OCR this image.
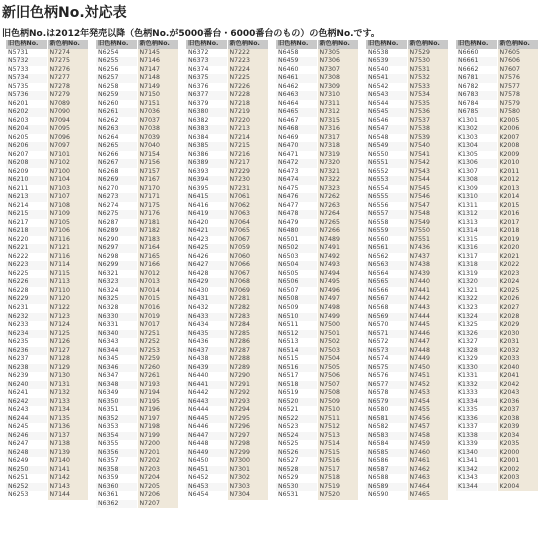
新旧色柄No.対応表
旧色柄No.は2012年発売以降（色柄No.が5000番台・6000番台のもの）の色柄No.です。
旧色柄No.	新色柄No.
N5731	N7274
N5732	N7275
N5733	N7276
N5734	N7277
N5735	N7278
N5736	N7279
N6201	N7089
N6202	N7090
N6203	N7094
N6204	N7095
N6205	N7096
N6206	N7097
N6207	N7101
N6208	N7102
N6209	N7100
N6210	N7104
N6211	N7103
N6213	N7107
N6214	N7108
N6215	N7109
N6217	N7105
N6218	N7106
N6220	N7116
N6221	N7121
N6222	N7116
N6223	N7114
N6225	N7115
N6226	N7113
N6228	N7110
N6229	N7120
N6231	N7122
N6232	N7123
N6233	N7124
N6234	N7125
N6235	N7126
N6236	N7127
N6237	N7128
N6238	N7129
N6239	N7130
N6240	N7131
N6241	N7132
N6242	N7133
N6243	N7134
N6244	N7135
N6245	N7136
N6246	N7137
N6247	N7138
N6248	N7139
N6249	N7140
N6250	N7141
N6251	N7142
N6252	N7143
N6253	N7144
旧色柄No.	新色柄No.
N6254	N7145
N6255	N7146
N6256	N7147
N6257	N7148
N6258	N7149
N6259	N7150
N6260	N7151
N6261	N7036
N6262	N7037
N6263	N7038
N6264	N7039
N6265	N7040
N6266	N7154
N6267	N7156
N6268	N7157
N6269	N7167
N6270	N7170
N6273	N7171
N6274	N7175
N6275	N7176
N6287	N7181
N6289	N7182
N6290	N7183
N6297	N7164
N6298	N7165
N6299	N7166
N6321	N7012
N6323	N7013
N6324	N7014
N6325	N7015
N6328	N7016
N6330	N7019
N6331	N7017
N6340	N7251
N6343	N7252
N6344	N7253
N6345	N7259
N6346	N7260
N6347	N7261
N6348	N7193
N6349	N7194
N6350	N7195
N6351	N7196
N6352	N7197
N6353	N7198
N6354	N7199
N6355	N7200
N6356	N7201
N6357	N7202
N6358	N7203
N6359	N7204
N6360	N7205
N6361	N7206
N6362	N7207
旧色柄No.	新色柄No.
N6372	N7222
N6373	N7223
N6374	N7224
N6375	N7225
N6376	N7226
N6377	N7228
N6379	N7218
N6380	N7219
N6382	N7220
N6383	N7213
N6384	N7214
N6385	N7215
N6386	N7216
N6389	N7217
N6393	N7229
N6394	N7230
N6395	N7231
N6415	N7061
N6416	N7062
N6419	N7063
N6420	N7064
N6421	N7065
N6423	N7067
N6425	N7059
N6426	N7060
N6427	N7066
N6428	N7067
N6429	N7068
N6430	N7069
N6431	N7281
N6432	N7282
N6433	N7283
N6434	N7284
N6435	N7285
N6436	N7286
N6437	N7287
N6438	N7288
N6439	N7289
N6440	N7290
N6441	N7291
N6442	N7292
N6443	N7293
N6444	N7294
N6445	N7295
N6446	N7296
N6447	N7297
N6448	N7298
N6449	N7299
N6450	N7300
N6451	N7301
N6452	N7302
N6453	N7303
N6454	N7304
旧色柄No.	新色柄No.
N6458	N7305
N6459	N7306
N6460	N7307
N6461	N7308
N6462	N7309
N6463	N7310
N6464	N7311
N6465	N7312
N6467	N7315
N6468	N7316
N6469	N7317
N6470	N7318
N6471	N7319
N6472	N7320
N6473	N7321
N6474	N7322
N6475	N7323
N6476	N7262
N6477	N7263
N6478	N7264
N6479	N7265
N6480	N7266
N6501	N7489
N6502	N7491
N6503	N7492
N6504	N7493
N6505	N7494
N6506	N7495
N6507	N7496
N6508	N7497
N6509	N7498
N6510	N7499
N6511	N7500
N6512	N7501
N6513	N7502
N6514	N7503
N6515	N7504
N6516	N7505
N6517	N7506
N6518	N7507
N6519	N7508
N6520	N7509
N6521	N7510
N6522	N7511
N6523	N7512
N6524	N7513
N6525	N7514
N6526	N7515
N6527	N7516
N6528	N7517
N6529	N7518
N6530	N7519
N6531	N7520
旧色柄No.	新色柄No.
N6538	N7529
N6539	N7530
N6540	N7531
N6541	N7532
N6542	N7533
N6543	N7534
N6544	N7535
N6545	N7536
N6546	N7537
N6547	N7538
N6548	N7539
N6549	N7540
N6550	N7541
N6551	N7542
N6552	N7543
N6553	N7544
N6554	N7545
N6555	N7546
N6556	N7547
N6557	N7548
N6558	N7549
N6559	N7550
N6560	N7551
N6561	N7436
N6562	N7437
N6563	N7438
N6564	N7439
N6565	N7440
N6566	N7441
N6567	N7442
N6568	N7443
N6569	N7444
N6570	N7445
N6571	N7446
N6572	N7447
N6573	N7448
N6574	N7449
N6575	N7450
N6576	N7451
N6577	N7452
N6578	N7453
N6579	N7454
N6580	N7455
N6581	N7456
N6582	N7457
N6583	N7458
N6584	N7459
N6585	N7460
N6586	N7461
N6587	N7462
N6588	N7463
N6589	N7464
N6590	N7465
旧色柄No.	新色柄No.
N6660	N7605
N6661	N7606
N6662	N7607
N6781	N7576
N6782	N7577
N6783	N7578
N6784	N7579
N6785	N7580
K1301	K2005
K1302	K2006
K1303	K2007
K1304	K2008
K1305	K2009
K1306	K2010
K1307	K2011
K1308	K2012
K1309	K2013
K1310	K2014
K1311	K2015
K1312	K2016
K1313	K2017
K1314	K2018
K1315	K2019
K1316	K2020
K1317	K2021
K1318	K2022
K1319	K2023
K1320	K2024
K1321	K2025
K1322	K2026
K1323	K2027
K1324	K2028
K1325	K2029
K1326	K2030
K1327	K2031
K1328	K2032
K1329	K2033
K1330	K2040
K1331	K2041
K1332	K2042
K1333	K2043
K1334	K2036
K1335	K2037
K1336	K2038
K1337	K2039
K1338	K2034
K1339	K2035
K1340	K2000
K1341	K2001
K1342	K2002
K1343	K2003
K1344	K2004
